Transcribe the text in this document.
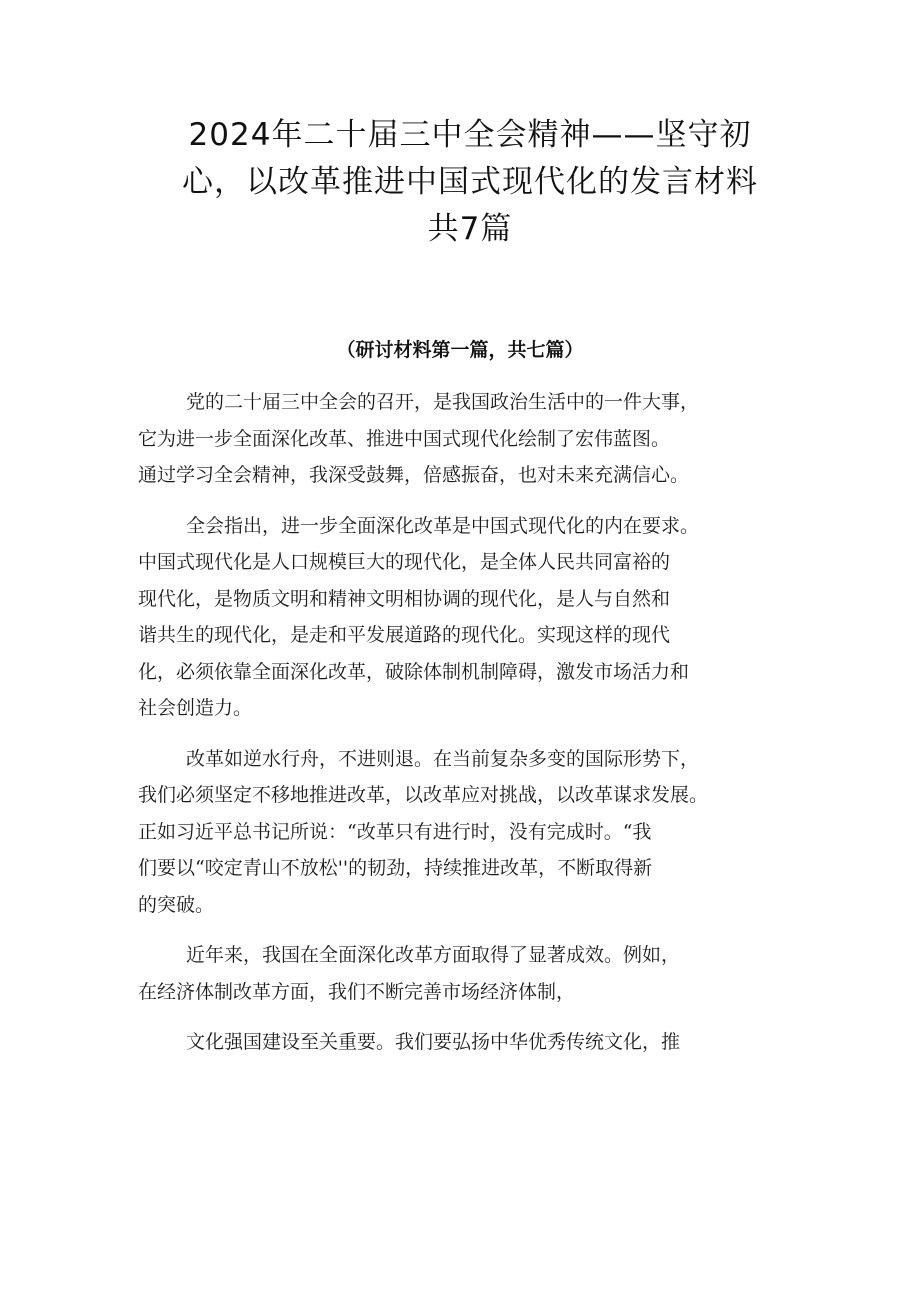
2024年二十届三中全会精神——坚守初
心，以改革推进中国式现代化的发言材料
共7篇
（研讨材料第一篇，共七篇）
党的二十届三中全会的召开，是我国政治生活中的一件大事，
它为进一步全面深化改革、推进中国式现代化绘制了宏伟蓝图。
通过学习全会精神，我深受鼓舞，倍感振奋，也对未来充满信心。
全会指出，进一步全面深化改革是中国式现代化的内在要求。
中国式现代化是人口规模巨大的现代化，是全体人民共同富裕的
现代化，是物质文明和精神文明相协调的现代化，是人与自然和
谐共生的现代化，是走和平发展道路的现代化。实现这样的现代
化，必须依靠全面深化改革，破除体制机制障碍，激发市场活力和
社会创造力。
改革如逆水行舟，不进则退。在当前复杂多变的国际形势下，
我们必须坚定不移地推进改革，以改革应对挑战，以改革谋求发展。
正如习近平总书记所说：“改革只有进行时，没有完成时。“我
们要以“咬定青山不放松''的韧劲，持续推进改革，不断取得新
的突破。
近年来，我国在全面深化改革方面取得了显著成效。例如，
在经济体制改革方面，我们不断完善市场经济体制，
文化强国建设至关重要。我们要弘扬中华优秀传统文化，推
